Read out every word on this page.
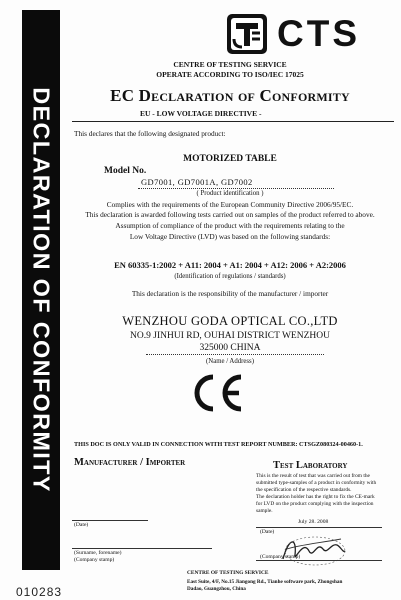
DECLARATION OF CONFORMITY
CTS
CENTRE OF TESTING SERVICE
OPERATE ACCORDING TO ISO/IEC 17025
EC Declaration of Conformity
EU - LOW VOLTAGE DIRECTIVE -
This declares that the following designated product:
MOTORIZED TABLE
Model No.
GD7001, GD7001A, GD7002
( Product identification )
Complies with the requirements of the European Community Directive 2006/95/EC.
This declaration is awarded following tests carried out on samples of the product referred to above.
Assumption of compliance of the product with the requirements relating to the
Low Voltage Directive (LVD) was based on the following standards:
EN 60335-1:2002 + A11: 2004 + A1: 2004 + A12: 2006 + A2:2006
(Identification of regulations / standards)
This declaration is the responsibility of the manufacturer / importer
WENZHOU GODA OPTICAL CO.,LTD
NO.9 JINHUI RD, OUHAI DISTRICT WENZHOU
325000 CHINA
(Name / Address)
THIS DOC IS ONLY VALID IN CONNECTION WITH TEST REPORT NUMBER: CTSGZ080324-00460-1.
Manufacturer / Importer
(Date)
(Surname, forename)
(Company stamp)
Test Laboratory
This is the result of test that was carried out from the
submitted type-samples of a product in conformity with
the specification of the respective standards.
The declaration holder has the right to fix the CE-mark
for LVD on the product complying with the inspection
sample.
July 28. 2008
(Date)
(Company stamp)
CENTRE OF TESTING SERVICE
East Suite, 4/F, No.15 Jiangong Rd., Tianhe software park, Zhongshan
Dadao, Guangzhou, China
010283
